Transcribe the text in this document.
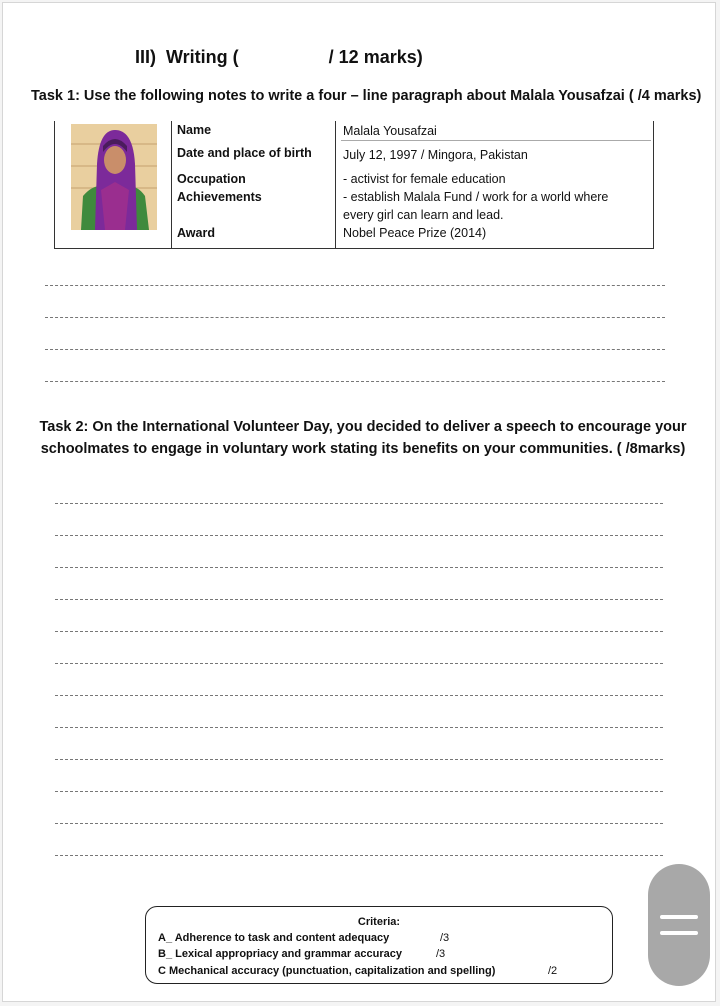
III)  Writing (                  / 12 marks)
Task 1: Use the following notes to write a four – line paragraph about Malala Yousafzai ( /4 marks)
Name	Malala Yousafzai
Date and place of birth	July 12, 1997 / Mingora, Pakistan
Occupation	- activist for female education
Achievements	- establish Malala Fund / work for a world where
every girl can learn and lead.
Award	Nobel Peace Prize (2014)
Task 2: On the International Volunteer Day, you decided to deliver a speech to encourage your schoolmates to engage in voluntary work stating its benefits on your communities. ( /8marks)
Criteria:
A_ Adherence to task and content adequacy	/3
B_ Lexical appropriacy and grammar accuracy	/3
C Mechanical accuracy (punctuation, capitalization and spelling)	/2
